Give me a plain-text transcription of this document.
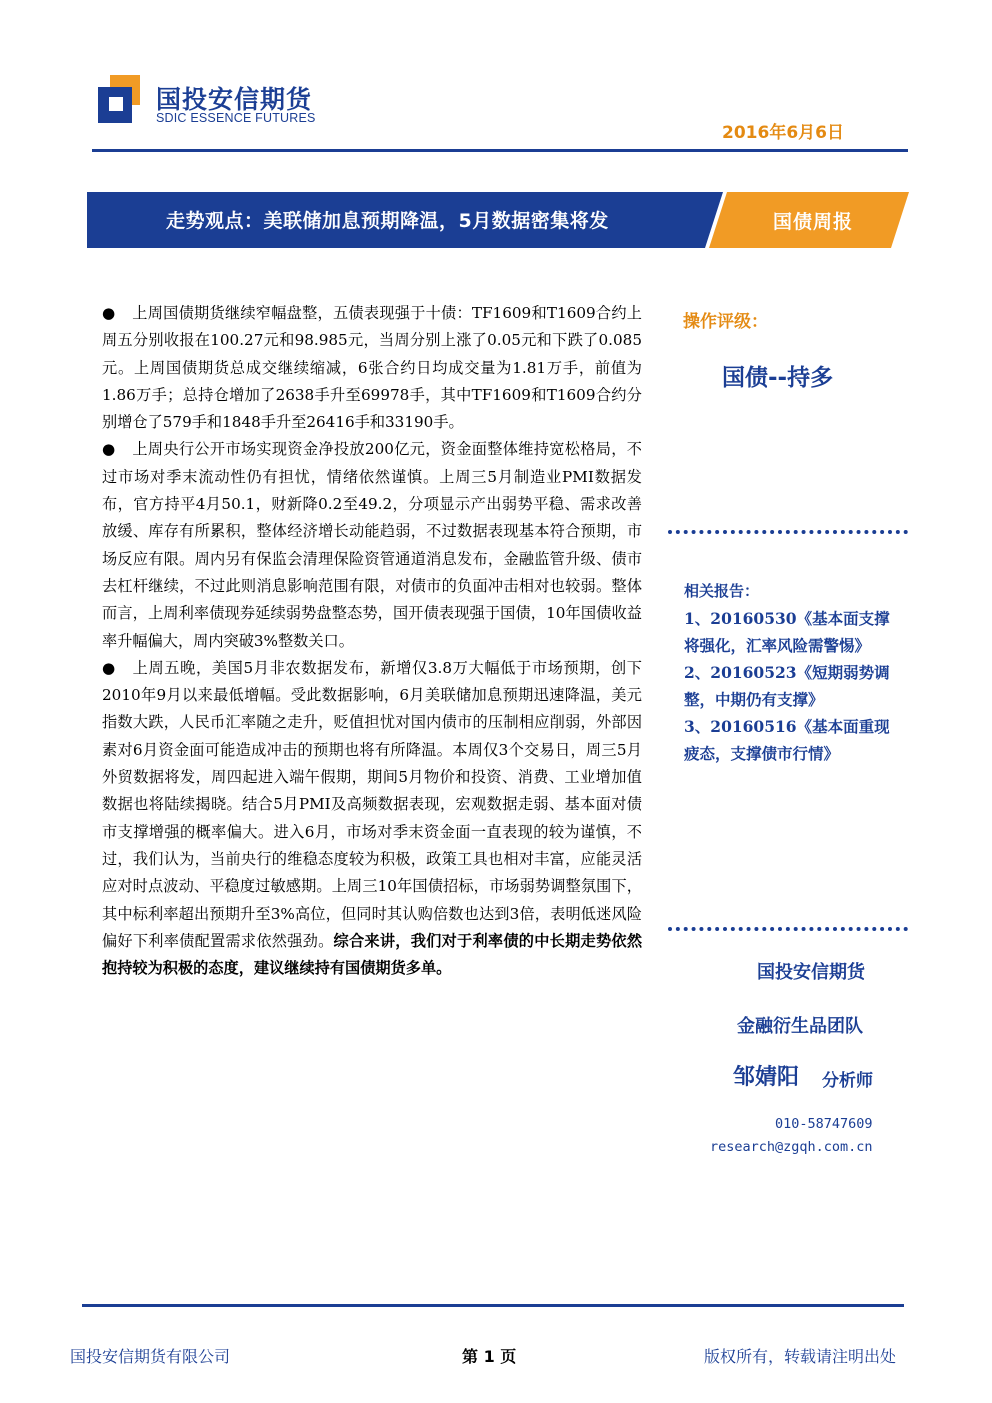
国投安信期货
SDIC ESSENCE FUTURES
2016年6月6日
走势观点：美联储加息预期降温，5月数据密集将发	国债周报

● 上周国债期货继续窄幅盘整，五债表现强于十债：TF1609和T1609合约上周五分别收报在100.27元和98.985元，当周分别上涨了0.05元和下跌了0.085元。上周国债期货总成交继续缩减，6张合约日均成交量为1.81万手，前值为1.86万手；总持仓增加了2638手升至69978手，其中TF1609和T1609合约分别增仓了579手和1848手升至26416手和33190手。

● 上周央行公开市场实现资金净投放200亿元，资金面整体维持宽松格局，不过市场对季末流动性仍有担忧，情绪依然谨慎。上周三5月制造业PMI数据发布，官方持平4月50.1，财新降0.2至49.2，分项显示产出弱势平稳、需求改善放缓、库存有所累积，整体经济增长动能趋弱，不过数据表现基本符合预期，市场反应有限。周内另有保监会清理保险资管通道消息发布，金融监管升级、债市去杠杆继续，不过此则消息影响范围有限，对债市的负面冲击相对也较弱。整体而言，上周利率债现券延续弱势盘整态势，国开债表现强于国债，10年国债收益率升幅偏大，周内突破3%整数关口。

● 上周五晚，美国5月非农数据发布，新增仅3.8万大幅低于市场预期，创下2010年9月以来最低增幅。受此数据影响，6月美联储加息预期迅速降温，美元指数大跌，人民币汇率随之走升，贬值担忧对国内债市的压制相应削弱，外部因素对6月资金面可能造成冲击的预期也将有所降温。本周仅3个交易日，周三5月外贸数据将发，周四起进入端午假期，期间5月物价和投资、消费、工业增加值数据也将陆续揭晓。结合5月PMI及高频数据表现，宏观数据走弱、基本面对债市支撑增强的概率偏大。进入6月，市场对季末资金面一直表现的较为谨慎，不过，我们认为，当前央行的维稳态度较为积极，政策工具也相对丰富，应能灵活应对时点波动、平稳度过敏感期。上周三10年国债招标，市场弱势调整氛围下，其中标利率超出预期升至3%高位，但同时其认购倍数也达到3倍，表明低迷风险偏好下利率债配置需求依然强劲。综合来讲，我们对于利率债的中长期走势依然抱持较为积极的态度，建议继续持有国债期货多单。

操作评级：
国债--持多
相关报告：
1、20160530《基本面支撑将强化，汇率风险需警惕》
2、20160523《短期弱势调整，中期仍有支撑》
3、20160516《基本面重现疲态，支撑债市行情》
国投安信期货
金融衍生品团队
邹婧阳 分析师
010-58747609
research@zgqh.com.cn
国投安信期货有限公司	第 1 页	版权所有，转载请注明出处
